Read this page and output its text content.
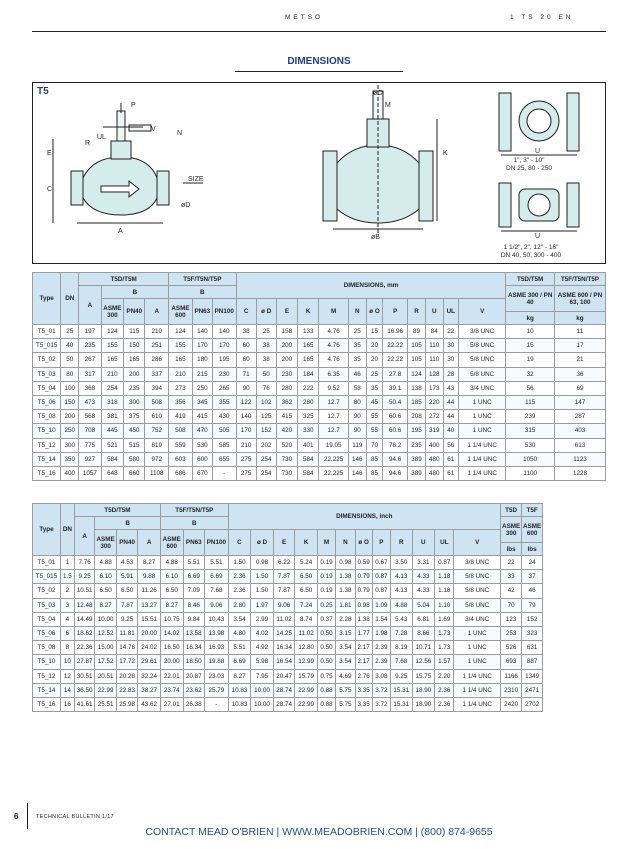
METSO	1 TS 20 EN
DIMENSIONS
T5
P
V
N
R
UL
E
C
SIZE
øD
A
øO
M
K
øB
U
U
1", 3" - 10"
DN 25, 80 - 250
1 1/2", 2", 12" - 16"
DN 40, 50, 300 - 400
Type	DN	T5D/T5M				T5F/T5N/T5P			DIMENSIONS, mm												T5D/T5M	T5F/T5N/T5P
		A	B			B															ASME 300 / PN 40	ASME 600 / PN 63, 100
			ASME 300	PN40	A	ASME 600	PN63	PN100	C	ø D	E	K	M	N	ø O	P	R	U	UL	V		
																					kg	kg
T5_01	25	197	124	115	210	124	140	140	38	25	158	133	4.76	25	15	16.96	89	84	22	3/8 UNC	10	11
T5_015	40	235	155	150	251	155	170	170	60	38	200	165	4.76	35	20	22.22	105	110	30	5/8 UNC	15	17
T5_02	50	267	165	165	286	165	180	195	60	38	200	165	4.76	35	20	22.22	105	110	30	5/8 UNC	19	21
T5_03	80	317	210	200	337	210	215	230	71	50	230	184	6.35	46	25	27.8	124	128	28	5/8 UNC	32	36
T5_04	100	368	254	235	394	273	250	265	90	76	280	222	9.52	58	35	39.1	138	173	43	3/4 UNC	56	69
T5_06	150	473	318	300	508	356	345	355	122	102	362	280	12.7	80	45	50.4	185	220	44	1 UNC	115	147
T5_08	200	568	381	375	610	419	415	430	140	125	415	325	12.7	90	55	60.6	208	272	44	1 UNC	239	287
T5_10	250	708	445	450	752	508	470	505	170	152	420	330	12.7	90	55	60.6	195	319	40	1 UNC	315	403
T5_12	300	775	521	515	819	559	530	585	210	202	520	401	19.05	119	70	78.2	235	400	56	1 1/4 UNC	530	613
T5_14	350	927	584	580	972	603	600	655	275	254	730	584	22.225	146	85	94.6	389	480	61	1 1/4 UNC	1050	1123
T5_16	400	1057	648	660	1108	686	670	-	275	254	730	584	22.225	146	85	94.6	389	480	61	1 1/4 UNC	1100	1228
Type	DN	T5D/T5M				T5F/T5N/T5P			DIMENSIONS, inch												T5D	T5F	
		A	B			B															ASME 300	ASME 600	
			ASME 300	PN40	A	ASME 600	PN63	PN100	C	ø D	E	K	M	N	ø O	P	R	U	UL	V			
																					lbs	lbs	
T5_01	1	7.76	4.88	4.53	8.27	4.88	5.51	5.51	1.50	0.98	6.22	5.24	0.19	0.98	0.59	0.67	3.50	3.31	0.87	3/8 UNC	22	24	
T5_015	1.5	9.25	6.10	5.91	9.88	6.10	6.69	6.69	2.36	1.50	7.87	6.50	0.19	1.38	0.79	0.87	4.13	4.33	1.18	5/8 UNC	33	37	
T5_02	2	10.51	6.50	6.50	11.26	6.50	7.09	7.68	2.36	1.50	7.87	6.50	0.19	1.38	0.79	0.87	4.13	4.33	1.18	5/8 UNC	42	46	
T5_03	3	12.48	8.27	7.87	13.27	8.27	8.46	9.06	2.80	1.97	9.06	7.24	0.25	1.81	0.98	1.09	4.88	5.04	1.10	5/8 UNC	70	79	
T5_04	4	14.49	10.00	9.25	15.51	10.75	9.84	10.43	3.54	2.99	11.02	8.74	0.37	2.28	1.38	1.54	5.43	6.81	1.69	3/4 UNC	123	152	
T5_06	6	18.62	12.52	11.81	20.00	14.02	13.58	13.98	4.80	4.02	14.25	11.02	0.50	3.15	1.77	1.98	7.28	8.66	1.73	1 UNC	253	323	
T5_08	8	22.36	15.00	14.76	24.02	16.50	16.34	16.93	5.51	4.92	16.34	12.80	0.50	3.54	2.17	2.39	8.19	10.71	1.73	1 UNC	526	631	
T5_10	10	27.87	17.52	17.72	29.61	20.00	18.50	19.88	6.69	5.98	16.54	12.99	0.50	3.54	2.17	2.39	7.68	12.56	1.57	1 UNC	693	887	
T5_12	12	30.51	20.51	20.28	32.24	22.01	20.87	23.03	8.27	7.95	20.47	15.79	0.75	4.69	2.76	3.08	9.25	15.75	2.20	1 1/4 UNC	1166	1349	
T5_14	14	36.50	22.99	22.83	38.27	23.74	23.62	25.79	10.83	10.00	28.74	22.99	0.88	5.75	3.35	3.72	15.31	18.90	2.36	1 1/4 UNC	2310	2471	
T5_16	16	41.61	25.51	25.98	43.62	27.01	26.38	-	10.83	10.00	28.74	22.99	0.88	5.75	3.35	3.72	15.31	18.90	2.36	1 1/4 UNC	2420	2702	
6	TECHNICAL BULLETIN 1/17
CONTACT MEAD O'BRIEN | WWW.MEADOBRIEN.COM | (800) 874-9655
